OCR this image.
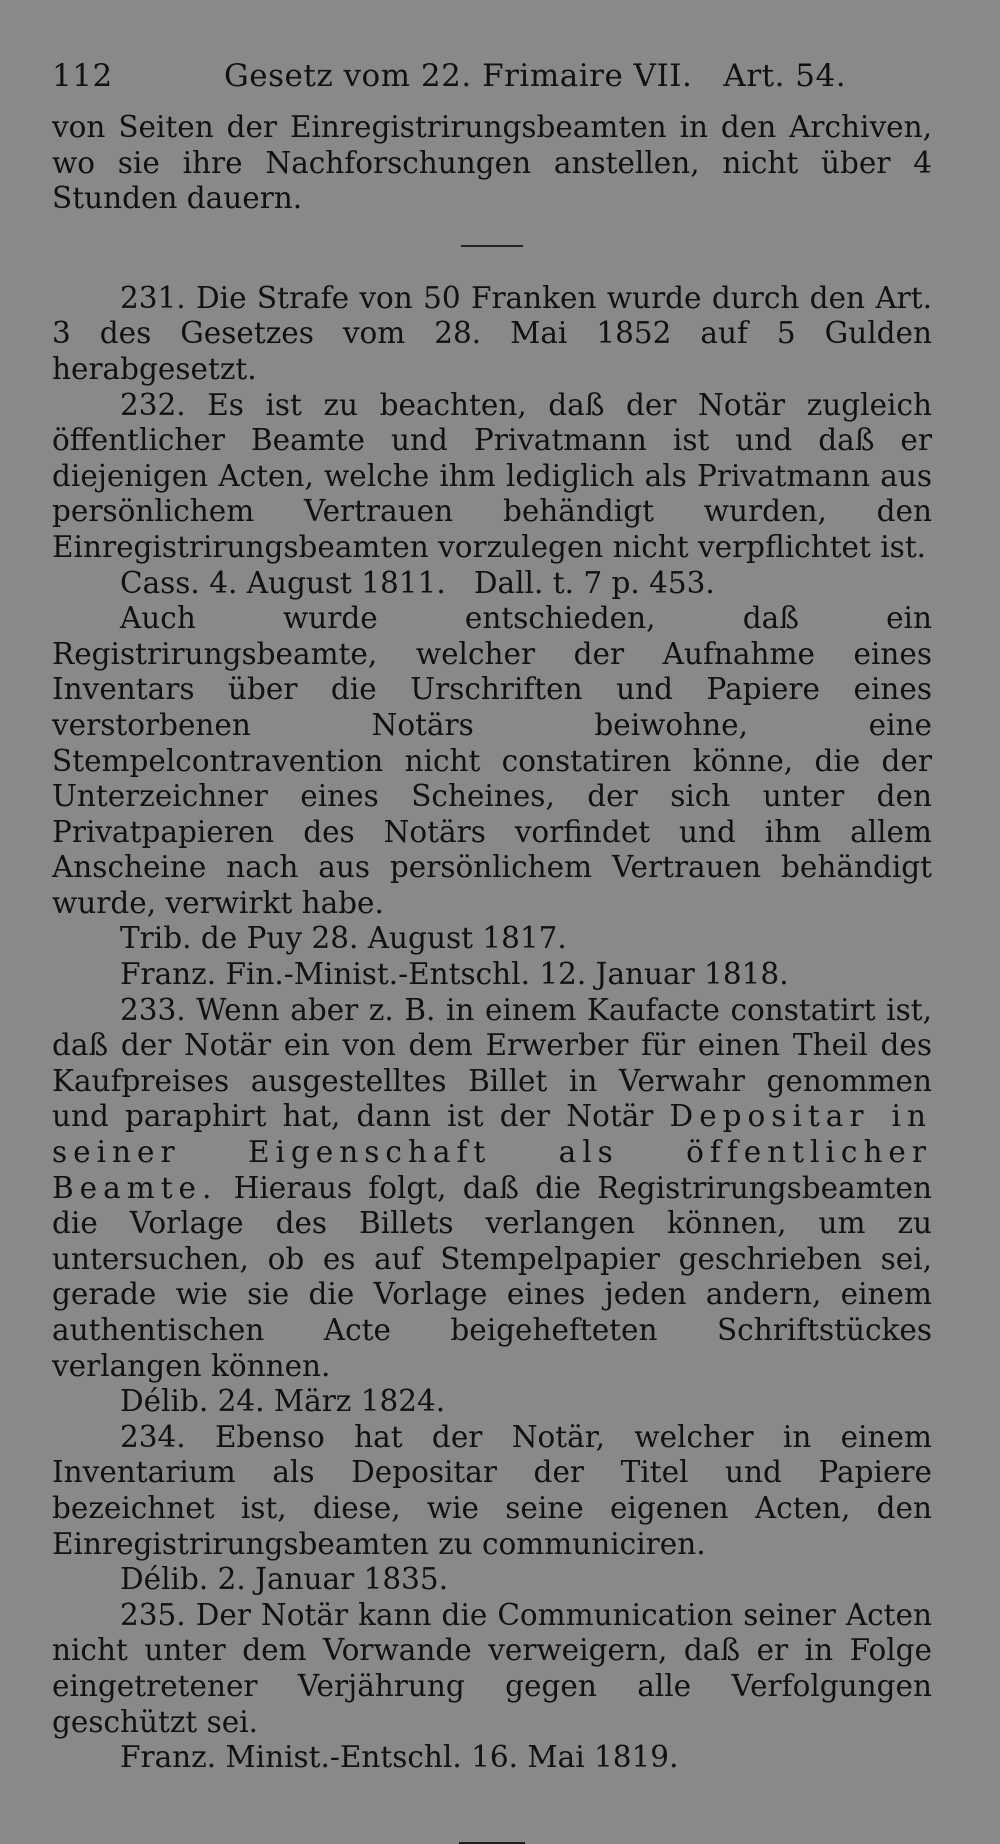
112	Gesetz vom 22. Frimaire VII.   Art. 54.

von Seiten der Einregistrirungsbeamten in den Archiven, wo sie ihre Nachforschungen anstellen, nicht über 4 Stunden dauern.

231. Die Strafe von 50 Franken wurde durch den Art. 3 des Gesetzes vom 28. Mai 1852 auf 5 Gulden herabgesetzt.

232. Es ist zu beachten, daß der Notär zugleich öffentlicher Beamte und Privatmann ist und daß er diejenigen Acten, welche ihm lediglich als Privatmann aus persönlichem Vertrauen behändigt wurden, den Einregistrirungsbeamten vorzulegen nicht verpflichtet ist.

Cass. 4. August 1811.   Dall. t. 7 p. 453.

Auch wurde entschieden, daß ein Registrirungsbeamte, welcher der Aufnahme eines Inventars über die Urschriften und Papiere eines verstorbenen Notärs beiwohne, eine Stempelcontravention nicht constatiren könne, die der Unterzeichner eines Scheines, der sich unter den Privatpapieren des Notärs vorfindet und ihm allem Anscheine nach aus persönlichem Vertrauen behändigt wurde, verwirkt habe.

Trib. de Puy 28. August 1817.

Franz. Fin.-Minist.-Entschl. 12. Januar 1818.

233. Wenn aber z. B. in einem Kaufacte constatirt ist, daß der Notär ein von dem Erwerber für einen Theil des Kaufpreises ausgestelltes Billet in Verwahr genommen und paraphirt hat, dann ist der Notär Depositar in seiner Eigenschaft als öffentlicher Beamte. Hieraus folgt, daß die Registrirungsbeamten die Vorlage des Billets verlangen können, um zu untersuchen, ob es auf Stempelpapier geschrieben sei, gerade wie sie die Vorlage eines jeden andern, einem authentischen Acte beigehefteten Schriftstückes verlangen können.

Délib. 24. März 1824.

234. Ebenso hat der Notär, welcher in einem Inventarium als Depositar der Titel und Papiere bezeichnet ist, diese, wie seine eigenen Acten, den Einregistrirungsbeamten zu communiciren.

Délib. 2. Januar 1835.

235. Der Notär kann die Communication seiner Acten nicht unter dem Vorwande verweigern, daß er in Folge eingetretener Verjährung gegen alle Verfolgungen geschützt sei.

Franz. Minist.-Entschl. 16. Mai 1819.
